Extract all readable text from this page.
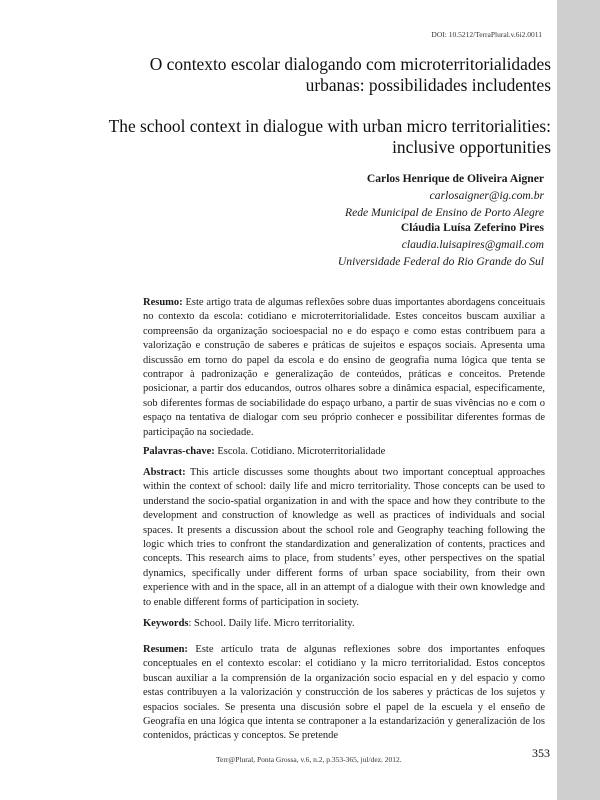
DOI: 10.5212/TerraPlural.v.6i2.0011
O contexto escolar dialogando com microterritorialidades urbanas: possibilidades includentes
The school context in dialogue with urban micro territorialities: inclusive opportunities
Carlos Henrique de Oliveira Aigner
carlosaigner@ig.com.br
Rede Municipal de Ensino de Porto Alegre
Cláudia Luísa Zeferino Pires
claudia.luisapires@gmail.com
Universidade Federal do Rio Grande do Sul
Resumo: Este artigo trata de algumas reflexões sobre duas importantes abordagens conceituais no contexto da escola: cotidiano e microterritorialidade. Estes conceitos buscam auxiliar a compreensão da organização socioespacial no e do espaço e como estas contribuem para a valorização e construção de saberes e práticas de sujeitos e espaços sociais. Apresenta uma discussão em torno do papel da escola e do ensino de geografia numa lógica que tenta se contrapor à padronização e generalização de conteúdos, práticas e conceitos. Pretende posicionar, a partir dos educandos, outros olhares sobre a dinâmica espacial, especificamente, sob diferentes formas de sociabilidade do espaço urbano, a partir de suas vivências no e com o espaço na tentativa de dialogar com seu próprio conhecer e possibilitar diferentes formas de participação na sociedade.
Palavras-chave: Escola. Cotidiano. Microterritorialidade
Abstract: This article discusses some thoughts about two important conceptual approaches within the context of school: daily life and micro territoriality. Those concepts can be used to understand the socio-spatial organization in and with the space and how they contribute to the development and construction of knowledge as well as practices of individuals and social spaces. It presents a discussion about the school role and Geography teaching following the logic which tries to confront the standardization and generalization of contents, practices and concepts. This research aims to place, from students’ eyes, other perspectives on the spatial dynamics, specifically under different forms of urban space sociability, from their own experience with and in the space, all in an attempt of a dialogue with their own knowledge and to enable different forms of participation in society.
Keywords: School. Daily life. Micro territoriality.
Resumen: Este artículo trata de algunas reflexiones sobre dos importantes enfoques conceptuales en el contexto escolar: el cotidiano y la micro territorialidad. Estos conceptos buscan auxiliar a la comprensión de la organización socio espacial en y del espacio y como estas contribuyen a la valorización y construcción de los saberes y prácticas de los sujetos y espacios sociales. Se presenta una discusión sobre el papel de la escuela y el enseño de Geografía en una lógica que intenta se contraponer a la estandarización y generalización de los contenidos, prácticas y conceptos. Se pretende
Terr@Plural, Ponta Grossa, v.6, n.2, p.353-365, jul/dez. 2012.	353
